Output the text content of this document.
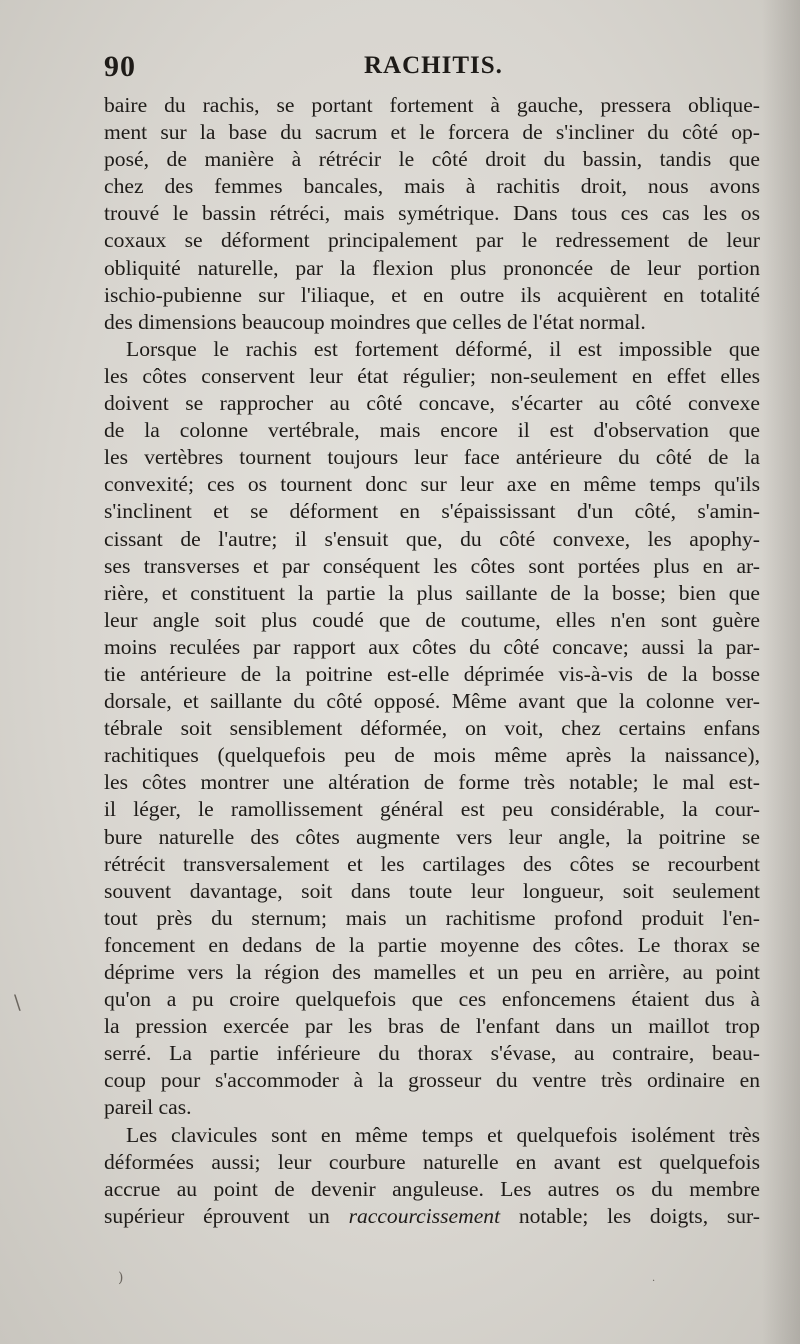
90	RACHITIS.
baire du rachis, se portant fortement à gauche, pressera oblique-
ment sur la base du sacrum et le forcera de s'incliner du côté op-
posé, de manière à rétrécir le côté droit du bassin, tandis que
chez des femmes bancales, mais à rachitis droit, nous avons
trouvé le bassin rétréci, mais symétrique. Dans tous ces cas les os
coxaux se déforment principalement par le redressement de leur
obliquité naturelle, par la flexion plus prononcée de leur portion
ischio-pubienne sur l'iliaque, et en outre ils acquièrent en totalité
des dimensions beaucoup moindres que celles de l'état normal.
Lorsque le rachis est fortement déformé, il est impossible que
les côtes conservent leur état régulier; non-seulement en effet elles
doivent se rapprocher au côté concave, s'écarter au côté convexe
de la colonne vertébrale, mais encore il est d'observation que
les vertèbres tournent toujours leur face antérieure du côté de la
convexité; ces os tournent donc sur leur axe en même temps qu'ils
s'inclinent et se déforment en s'épaississant d'un côté, s'amin-
cissant de l'autre; il s'ensuit que, du côté convexe, les apophy-
ses transverses et par conséquent les côtes sont portées plus en ar-
rière, et constituent la partie la plus saillante de la bosse; bien que
leur angle soit plus coudé que de coutume, elles n'en sont guère
moins reculées par rapport aux côtes du côté concave; aussi la par-
tie antérieure de la poitrine est-elle déprimée vis-à-vis de la bosse
dorsale, et saillante du côté opposé. Même avant que la colonne ver-
tébrale soit sensiblement déformée, on voit, chez certains enfans
rachitiques (quelquefois peu de mois même après la naissance),
les côtes montrer une altération de forme très notable; le mal est-
il léger, le ramollissement général est peu considérable, la cour-
bure naturelle des côtes augmente vers leur angle, la poitrine se
rétrécit transversalement et les cartilages des côtes se recourbent
souvent davantage, soit dans toute leur longueur, soit seulement
tout près du sternum; mais un rachitisme profond produit l'en-
foncement en dedans de la partie moyenne des côtes. Le thorax se
déprime vers la région des mamelles et un peu en arrière, au point
qu'on a pu croire quelquefois que ces enfoncemens étaient dus à
la pression exercée par les bras de l'enfant dans un maillot trop
serré. La partie inférieure du thorax s'évase, au contraire, beau-
coup pour s'accommoder à la grosseur du ventre très ordinaire en
pareil cas.
Les clavicules sont en même temps et quelquefois isolément très
déformées aussi; leur courbure naturelle en avant est quelquefois
accrue au point de devenir anguleuse. Les autres os du membre
supérieur éprouvent un raccourcissement notable; les doigts, sur-
\
)	·
